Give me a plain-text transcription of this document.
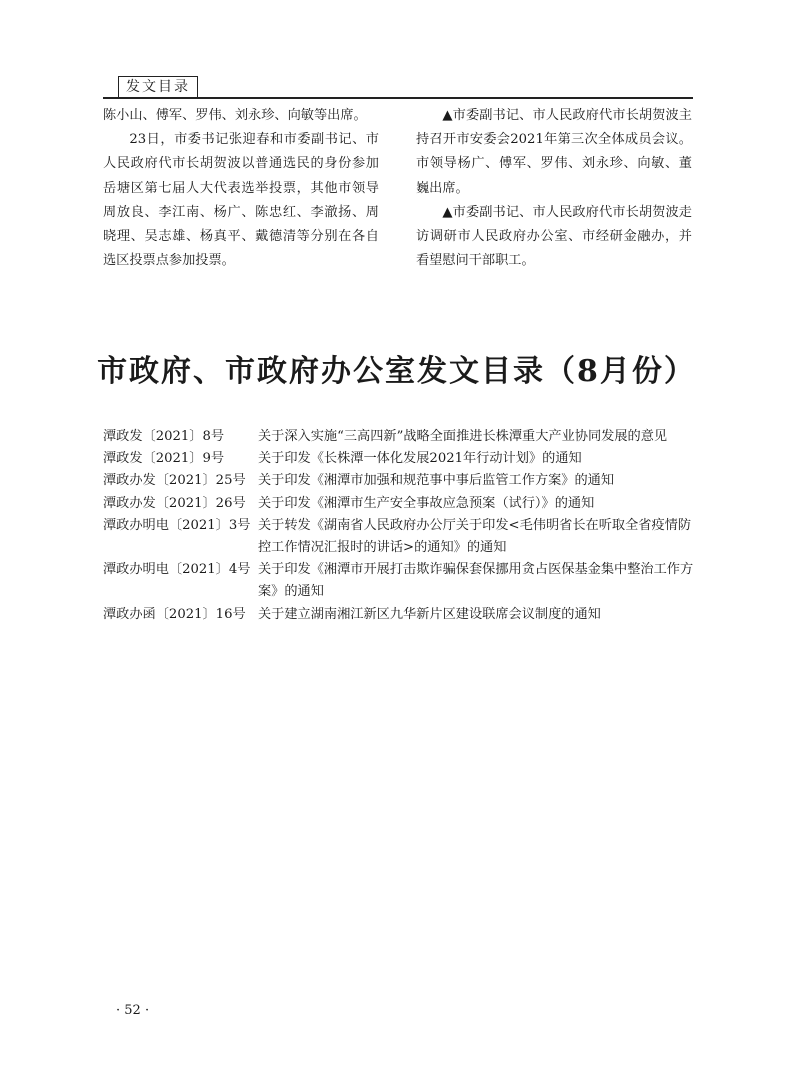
发文目录

陈小山、傅军、罗伟、刘永珍、向敏等出席。

23日，市委书记张迎春和市委副书记、市人民政府代市长胡贺波以普通选民的身份参加岳塘区第七届人大代表选举投票，其他市领导周放良、李江南、杨广、陈忠红、李澈扬、周晓理、吴志雄、杨真平、戴德清等分别在各自选区投票点参加投票。

▲市委副书记、市人民政府代市长胡贺波主持召开市安委会2021年第三次全体成员会议。市领导杨广、傅军、罗伟、刘永珍、向敏、董巍出席。

▲市委副书记、市人民政府代市长胡贺波走访调研市人民政府办公室、市经研金融办，并看望慰问干部职工。

市政府、市政府办公室发文目录（8月份）
潭政发〔2021〕8号	关于深入实施“三高四新”战略全面推进长株潭重大产业协同发展的意见
潭政发〔2021〕9号	关于印发《长株潭一体化发展2021年行动计划》的通知
潭政办发〔2021〕25号 关于印发《湘潭市加强和规范事中事后监管工作方案》的通知
潭政办发〔2021〕26号 关于印发《湘潭市生产安全事故应急预案（试行）》的通知
潭政办明电〔2021〕3号 关于转发《湖南省人民政府办公厅关于印发<毛伟明省长在听取全省疫情防控工作情况汇报时的讲话>的通知》的通知
潭政办明电〔2021〕4号 关于印发《湘潭市开展打击欺诈骗保套保挪用贪占医保基金集中整治工作方案》的通知
潭政办函〔2021〕16号 关于建立湖南湘江新区九华新片区建设联席会议制度的通知
· 52 ·
